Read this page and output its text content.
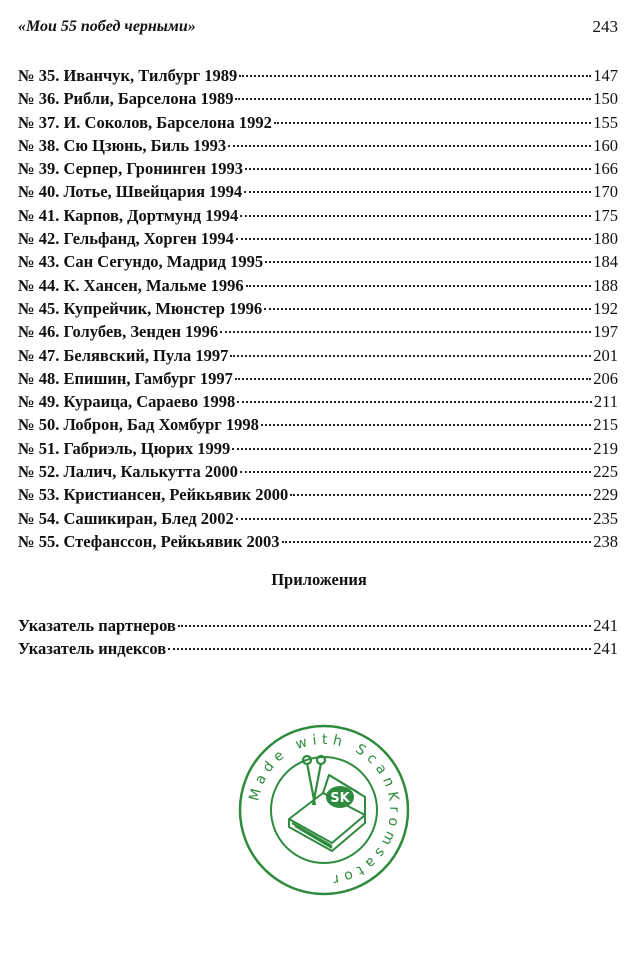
«Мои 55 побед черными»	243
№ 35. Иванчук, Тилбург 1989	147
№ 36. Рибли, Барселона 1989	150
№ 37. И. Соколов, Барселона 1992	155
№ 38. Сю Цзюнь, Биль 1993	160
№ 39. Серпер, Гронинген 1993	166
№ 40. Лотье, Швейцария 1994	170
№ 41. Карпов, Дортмунд 1994	175
№ 42. Гельфанд, Хорген 1994	180
№ 43. Сан Сегундо, Мадрид 1995	184
№ 44. К. Хансен, Мальме 1996	188
№ 45. Купрейчик, Мюнстер 1996	192
№ 46. Голубев, Зенден 1996	197
№ 47. Белявский, Пула 1997	201
№ 48. Епишин, Гамбург 1997	206
№ 49. Кураица, Сараево 1998	211
№ 50. Лоброн, Бад Хомбург 1998	215
№ 51. Габриэль, Цюрих 1999	219
№ 52. Лалич, Калькутта 2000	225
№ 53. Кристиансен, Рейкьявик 2000	229
№ 54. Сашикиран, Блед 2002	235
№ 55. Стефанссон, Рейкьявик 2003	238
Приложения
Указатель партнеров	241
Указатель индексов	241
Made with ScanKromsator
SK
